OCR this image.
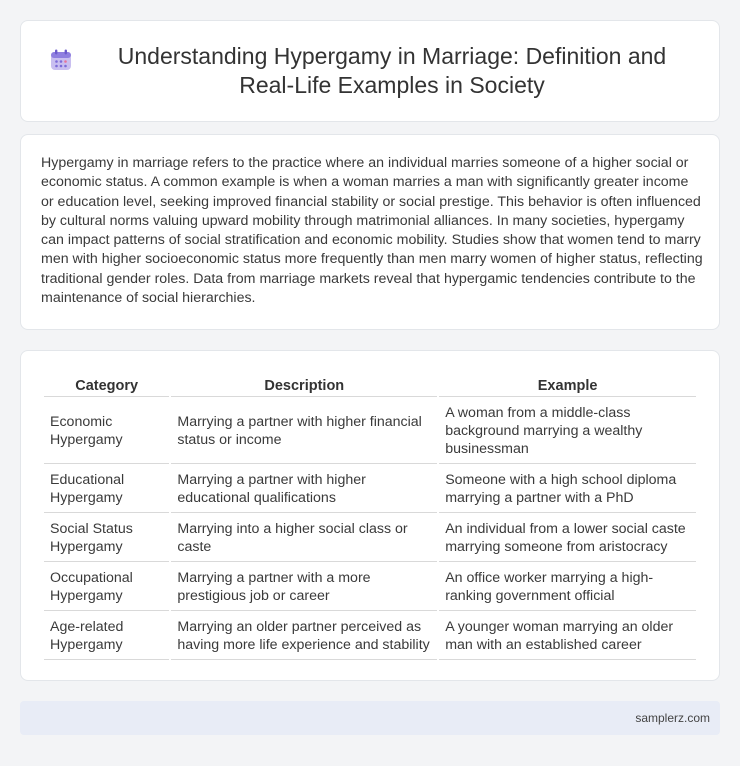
Understanding Hypergamy in Marriage: Definition and Real-Life Examples in Society

Hypergamy in marriage refers to the practice where an individual marries someone of a higher social or economic status. A common example is when a woman marries a man with significantly greater income or education level, seeking improved financial stability or social prestige. This behavior is often influenced by cultural norms valuing upward mobility through matrimonial alliances. In many societies, hypergamy can impact patterns of social stratification and economic mobility. Studies show that women tend to marry men with higher socioeconomic status more frequently than men marry women of higher status, reflecting traditional gender roles. Data from marriage markets reveal that hypergamic tendencies contribute to the maintenance of social hierarchies.

Category	Description	Example
Economic Hypergamy	Marrying a partner with higher financial status or income	A woman from a middle-class background marrying a wealthy businessman
Educational Hypergamy	Marrying a partner with higher educational qualifications	Someone with a high school diploma marrying a partner with a PhD
Social Status Hypergamy	Marrying into a higher social class or caste	An individual from a lower social caste marrying someone from aristocracy
Occupational Hypergamy	Marrying a partner with a more prestigious job or career	An office worker marrying a high-ranking government official
Age-related Hypergamy	Marrying an older partner perceived as having more life experience and stability	A younger woman marrying an older man with an established career
samplerz.com
